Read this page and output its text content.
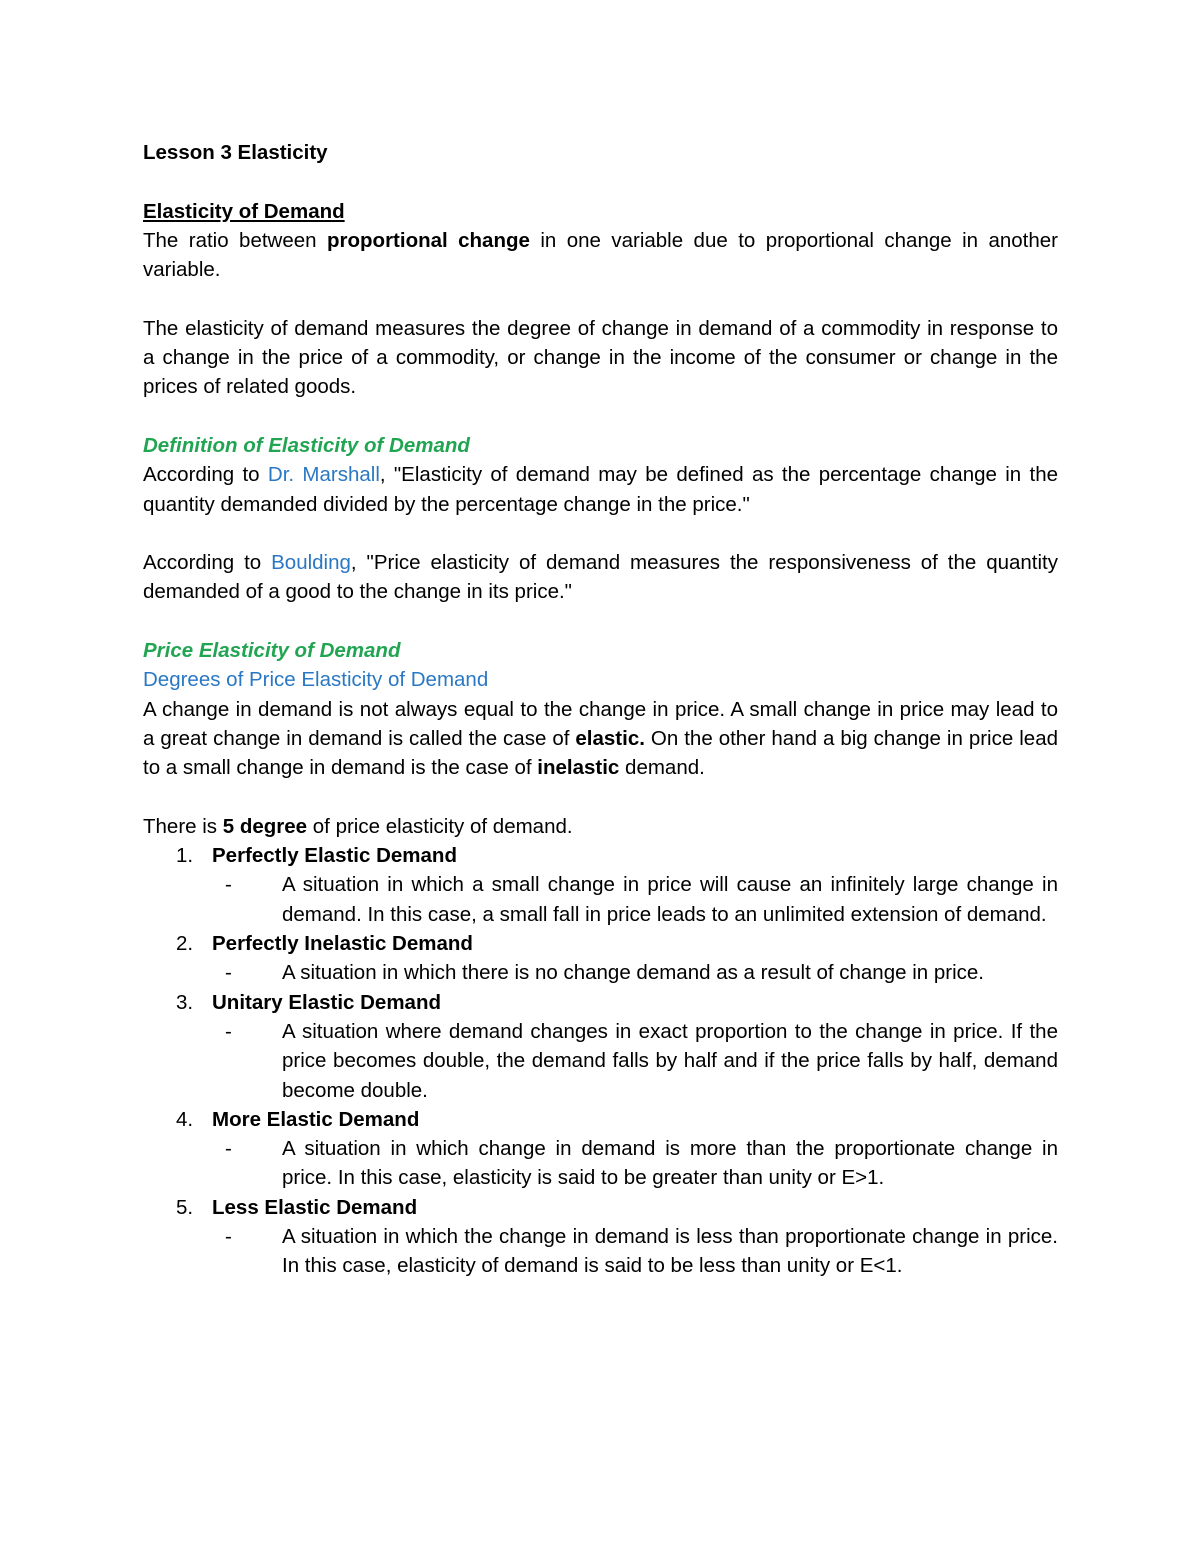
Lesson 3 Elasticity

Elasticity of Demand

The ratio between proportional change in one variable due to proportional change in another variable.

The elasticity of demand measures the degree of change in demand of a commodity in response to a change in the price of a commodity, or change in the income of the consumer or change in the prices of related goods.

Definition of Elasticity of Demand

According to Dr. Marshall, "Elasticity of demand may be defined as the percentage change in the quantity demanded divided by the percentage change in the price."

According to Boulding, "Price elasticity of demand measures the responsiveness of the quantity demanded of a good to the change in its price."

Price Elasticity of Demand

Degrees of Price Elasticity of Demand

A change in demand is not always equal to the change in price. A small change in price may lead to a great change in demand is called the case of elastic. On the other hand a big change in price lead to a small change in demand is the case of inelastic demand.

There is 5 degree of price elasticity of demand.

1. Perfectly Elastic Demand

- A situation in which a small change in price will cause an infinitely large change in demand. In this case, a small fall in price leads to an unlimited extension of demand.

2. Perfectly Inelastic Demand

- A situation in which there is no change demand as a result of change in price.

3. Unitary Elastic Demand

- A situation where demand changes in exact proportion to the change in price. If the price becomes double, the demand falls by half and if the price falls by half, demand become double.

4. More Elastic Demand

- A situation in which change in demand is more than the proportionate change in price. In this case, elasticity is said to be greater than unity or E>1.

5. Less Elastic Demand

- A situation in which the change in demand is less than proportionate change in price. In this case, elasticity of demand is said to be less than unity or E<1.
